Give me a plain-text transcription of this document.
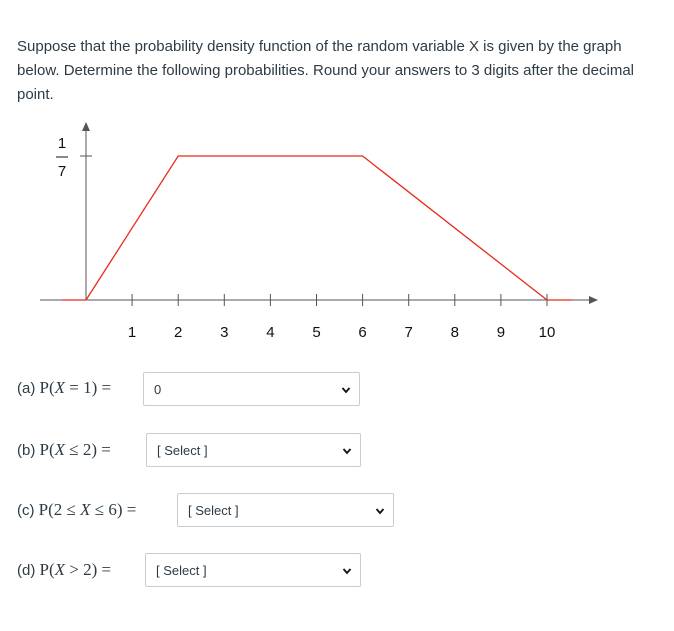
Suppose that the probability density function of the random variable X is given by the graph below. Determine the following probabilities. Round your answers to 3 digits after the decimal point.
1
7
1	2	3	4	5	6	7	8	9 10
(a) P(X = 1) =	0
(b) P(X ≤ 2) =	[ Select ]
(c) P(2 ≤ X ≤ 6) =	[ Select ]
(d) P(X > 2) =	[ Select ]
